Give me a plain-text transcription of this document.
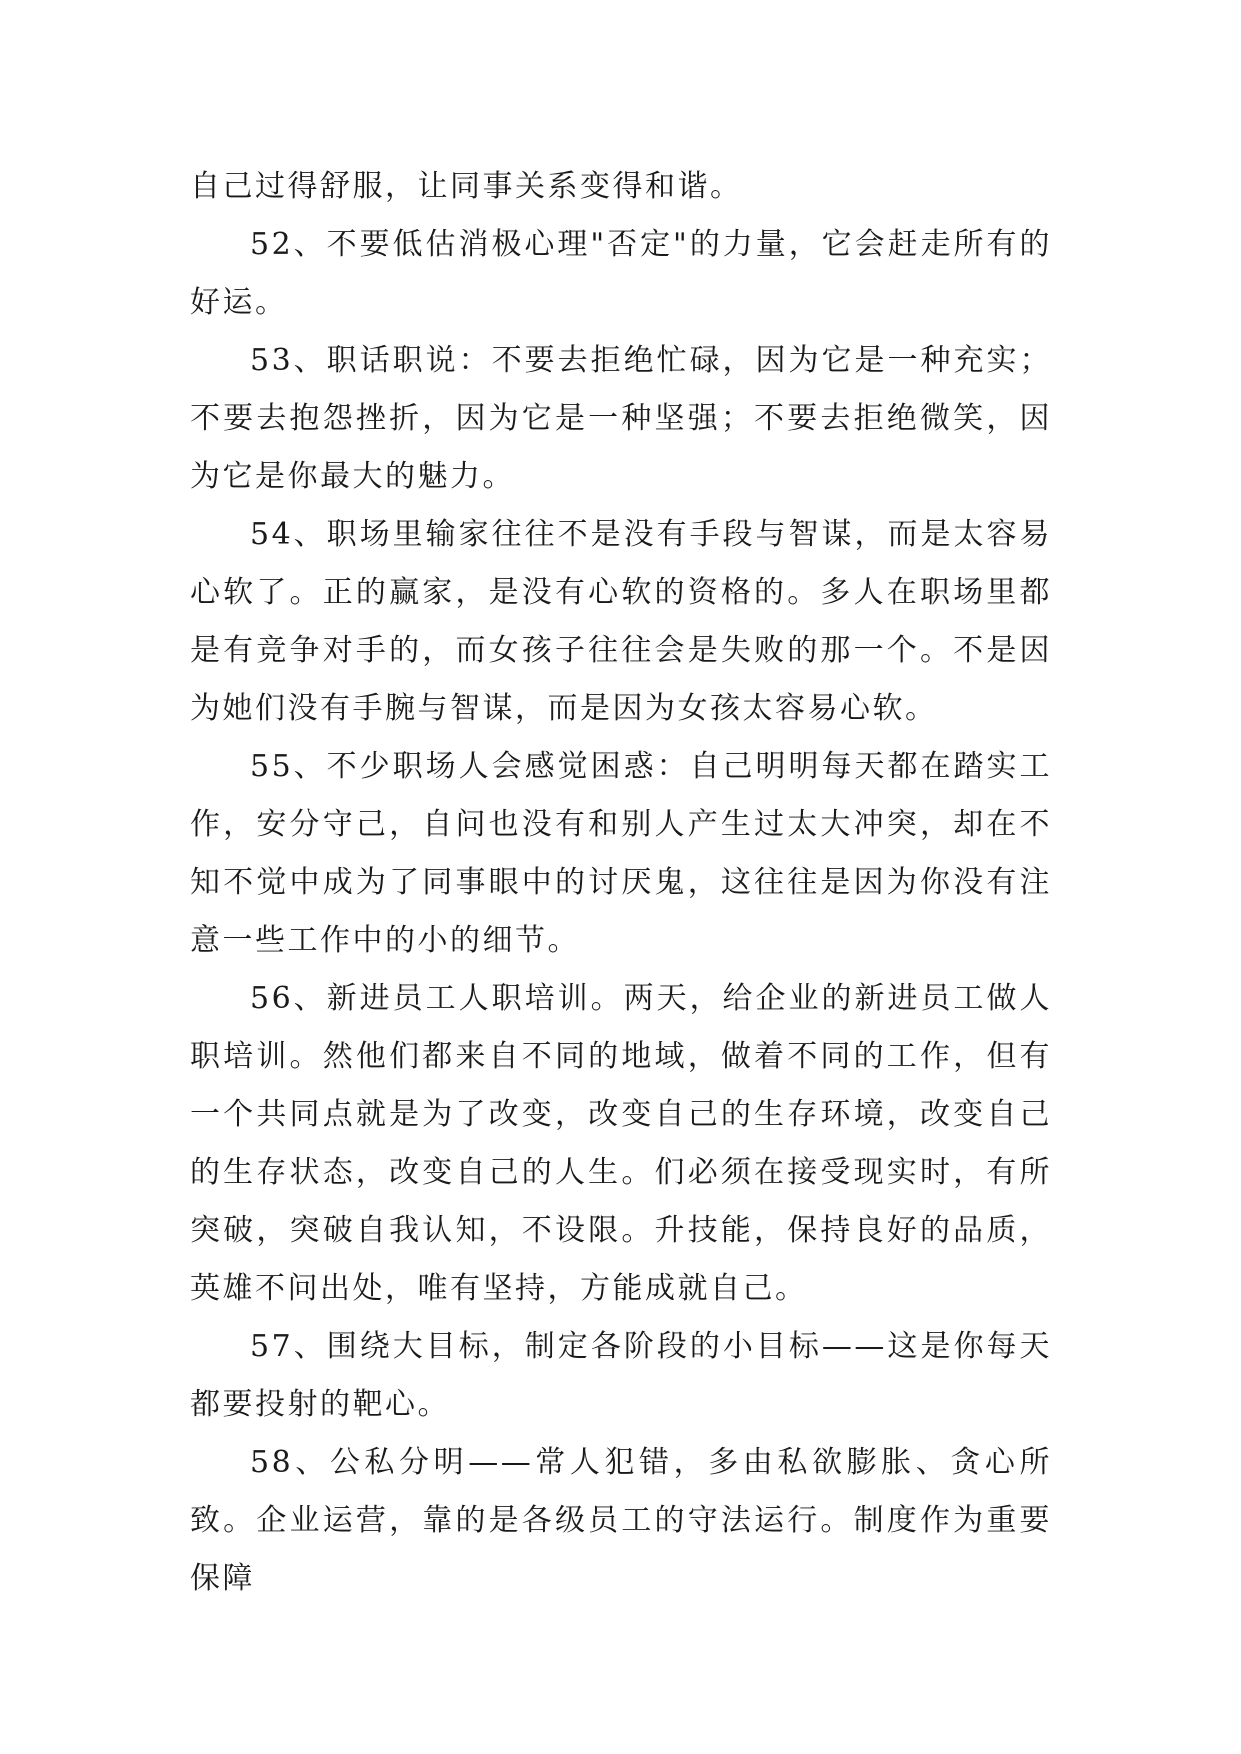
自己过得舒服，让同事关系变得和谐。

52、不要低估消极心理"否定"的力量，它会赶走所有的好运。

53、职话职说：不要去拒绝忙碌，因为它是一种充实；不要去抱怨挫折，因为它是一种坚强；不要去拒绝微笑，因为它是你最大的魅力。

54、职场里输家往往不是没有手段与智谋，而是太容易心软了。正的赢家，是没有心软的资格的。多人在职场里都是有竞争对手的，而女孩子往往会是失败的那一个。不是因为她们没有手腕与智谋，而是因为女孩太容易心软。

55、不少职场人会感觉困惑：自己明明每天都在踏实工作，安分守己，自问也没有和别人产生过太大冲突，却在不知不觉中成为了同事眼中的讨厌鬼，这往往是因为你没有注意一些工作中的小的细节。

56、新进员工人职培训。两天，给企业的新进员工做人职培训。然他们都来自不同的地域，做着不同的工作，但有一个共同点就是为了改变，改变自己的生存环境，改变自己的生存状态，改变自己的人生。们必须在接受现实时，有所突破，突破自我认知，不设限。升技能，保持良好的品质，英雄不问出处，唯有坚持，方能成就自己。

57、围绕大目标，制定各阶段的小目标——这是你每天都要投射的靶心。

58、公私分明——常人犯错，多由私欲膨胀、贪心所致。企业运营，靠的是各级员工的守法运行。制度作为重要保障
